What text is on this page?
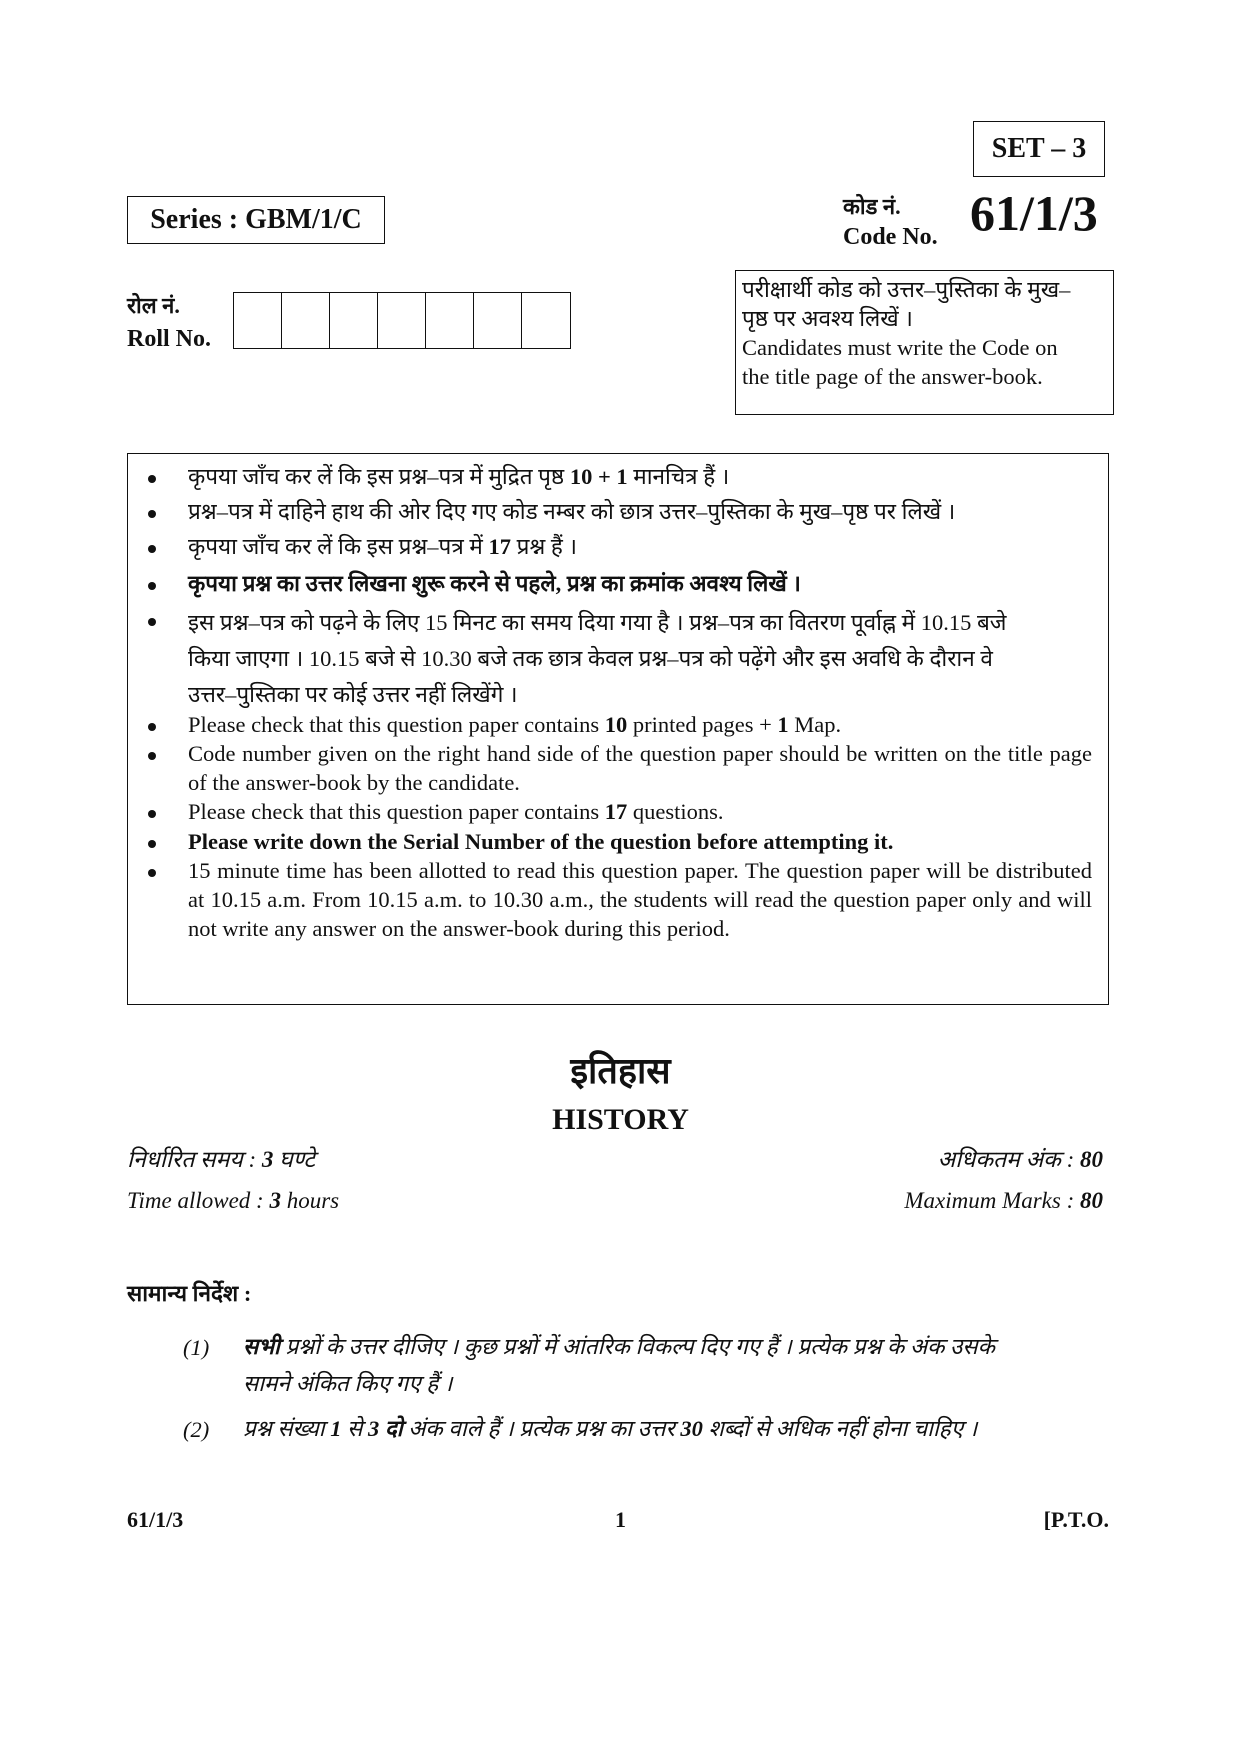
SET – 3
Series : GBM/1/C	कोड नं.
Code No. 61/1/3
रोल नं.
Roll No.
परीक्षार्थी कोड को उत्तर–पुस्तिका के मुख–
पृष्ठ पर अवश्य लिखें ।
Candidates must write the Code on
the title page of the answer-book.
कृपया जाँच कर लें कि इस प्रश्न–पत्र में मुद्रित पृष्ठ 10 + 1 मानचित्र हैं ।
प्रश्न–पत्र में दाहिने हाथ की ओर दिए गए कोड नम्बर को छात्र उत्तर–पुस्तिका के मुख–पृष्ठ पर लिखें ।
कृपया जाँच कर लें कि इस प्रश्न–पत्र में 17 प्रश्न हैं ।
कृपया प्रश्न का उत्तर लिखना शुरू करने से पहले, प्रश्न का क्रमांक अवश्य लिखें ।
इस प्रश्न–पत्र को पढ़ने के लिए 15 मिनट का समय दिया गया है । प्रश्न–पत्र का वितरण पूर्वाह्न में 10.15 बजे
किया जाएगा । 10.15 बजे से 10.30 बजे तक छात्र केवल प्रश्न–पत्र को पढ़ेंगे और इस अवधि के दौरान वे
उत्तर–पुस्तिका पर कोई उत्तर नहीं लिखेंगे ।
Please check that this question paper contains 10 printed pages + 1 Map.
Code number given on the right hand side of the question paper should be written on the title page of the answer-book by the candidate.
Please check that this question paper contains 17 questions.
Please write down the Serial Number of the question before attempting it.
15 minute time has been allotted to read this question paper. The question paper will be distributed at 10.15 a.m. From 10.15 a.m. to 10.30 a.m., the students will read the question paper only and will not write any answer on the answer-book during this period.
इतिहास
HISTORY
निर्धारित समय : 3 घण्टे	अधिकतम अंक : 80
Time allowed : 3 hours	Maximum Marks : 80
सामान्य निर्देश :
(1) सभी प्रश्नों के उत्तर दीजिए । कुछ प्रश्नों में आंतरिक विकल्प दिए गए हैं । प्रत्येक प्रश्न के अंक उसके
सामने अंकित किए गए हैं ।
(2) प्रश्न संख्या 1 से 3 दो अंक वाले हैं । प्रत्येक प्रश्न का उत्तर 30 शब्दों से अधिक नहीं होना चाहिए ।
61/1/3	1	[P.T.O.
